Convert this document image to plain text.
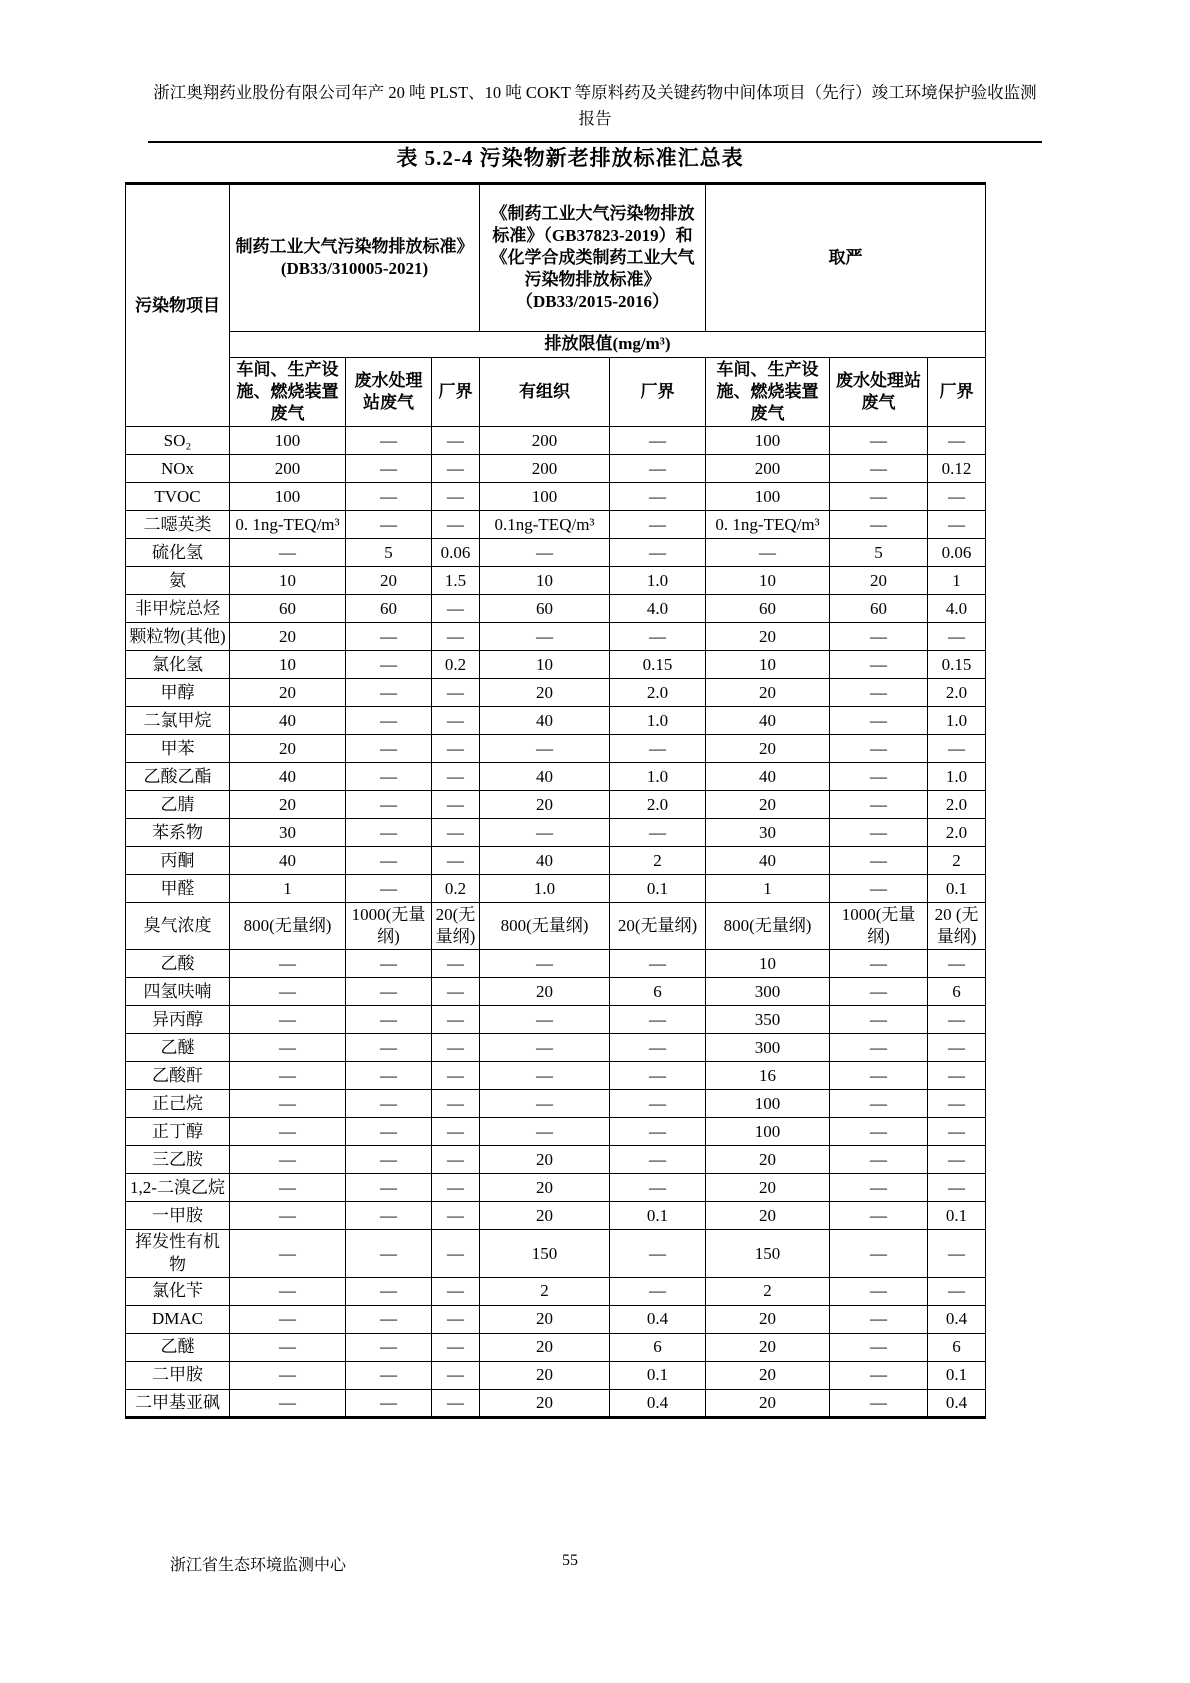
浙江奥翔药业股份有限公司年产 20 吨 PLST、10 吨 COKT 等原料药及关键药物中间体项目（先行）竣工环境保护验收监测报告
表 5.2-4 污染物新老排放标准汇总表
污染物项目	制药工业大气污染物排放标准》 (DB33/310005-2021)			《制药工业大气污染物排放标准》（GB37823-2019）和《化学合成类制药工业大气污染物排放标准》（DB33/2015-2016）		取严		
	排放限值(mg/m³)							
	车间、生产设施、燃烧装置废气	废水处理站废气	厂界	有组织	厂界	车间、生产设施、燃烧装置废气	废水处理站废气	厂界
SO₂	100	—	—	200	—	100	—	—
NOx	200	—	—	200	—	200	—	0.12
TVOC	100	—	—	100	—	100	—	—
二噁英类	0. 1ng-TEQ/m³	—	—	0.1ng-TEQ/m³	—	0. 1ng-TEQ/m³	—	—
硫化氢	—	5	0.06	—	—	—	5	0.06
氨	10	20	1.5	10	1.0	10	20	1
非甲烷总烃	60	60	—	60	4.0	60	60	4.0
颗粒物(其他)	20	—	—	—	—	20	—	—
氯化氢	10	—	0.2	10	0.15	10	—	0.15
甲醇	20	—	—	20	2.0	20	—	2.0
二氯甲烷	40	—	—	40	1.0	40	—	1.0
甲苯	20	—	—	—	—	20	—	—
乙酸乙酯	40	—	—	40	1.0	40	—	1.0
乙腈	20	—	—	20	2.0	20	—	2.0
苯系物	30	—	—	—	—	30	—	2.0
丙酮	40	—	—	40	2	40	—	2
甲醛	1	—	0.2	1.0	0.1	1	—	0.1
臭气浓度	800(无量纲)	1000(无量纲)	20(无量纲)	800(无量纲)	20(无量纲)	800(无量纲)	1000(无量纲)	20 (无量纲)
乙酸	—	—	—	—	—	10	—	—
四氢呋喃	—	—	—	20	6	300	—	6
异丙醇	—	—	—	—	—	350	—	—
乙醚	—	—	—	—	—	300	—	—
乙酸酐	—	—	—	—	—	16	—	—
正己烷	—	—	—	—	—	100	—	—
正丁醇	—	—	—	—	—	100	—	—
三乙胺	—	—	—	20	—	20	—	—
1,2-二溴乙烷	—	—	—	20	—	20	—	—
一甲胺	—	—	—	20	0.1	20	—	0.1
挥发性有机物	—	—	—	150	—	150	—	—
氯化苄	—	—	—	2	—	2	—	—
DMAC	—	—	—	20	0.4	20	—	0.4
乙醚	—	—	—	20	6	20	—	6
二甲胺	—	—	—	20	0.1	20	—	0.1
二甲基亚砜	—	—	—	20	0.4	20	—	0.4
浙江省生态环境监测中心	55
